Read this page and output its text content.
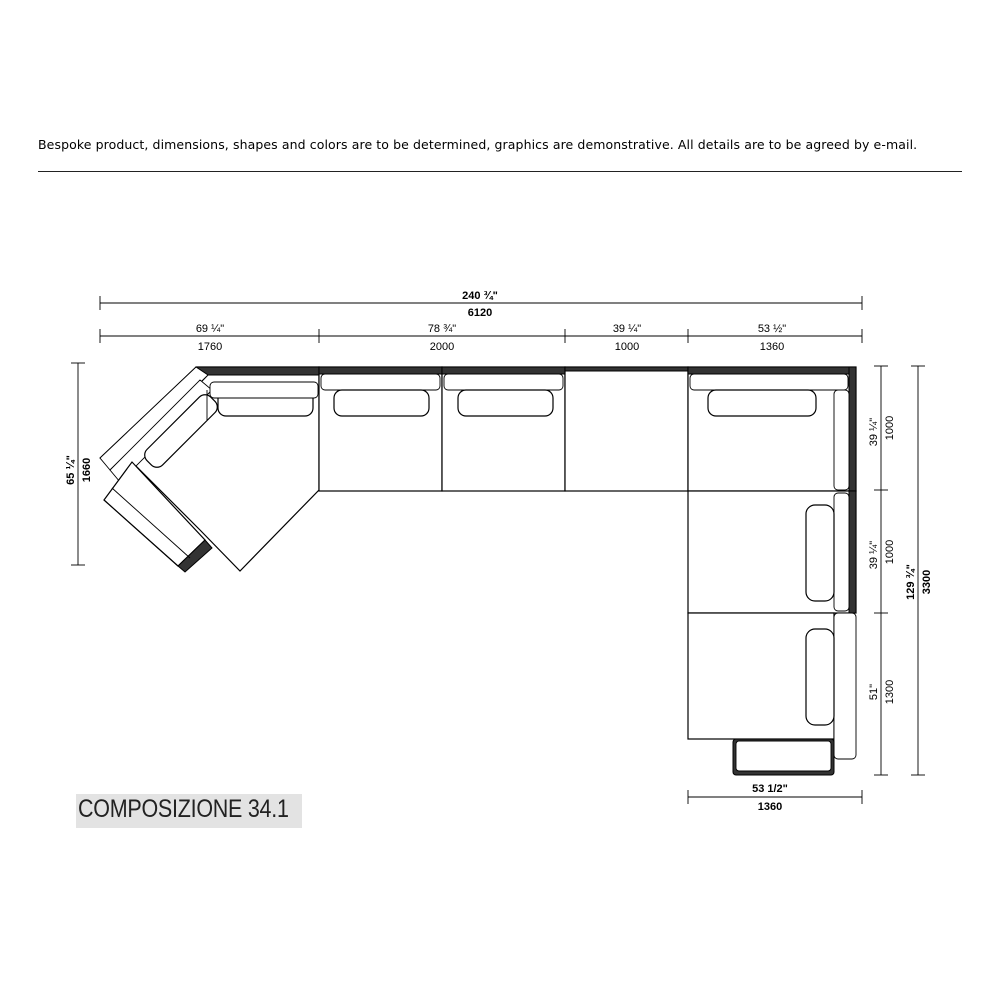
Bespoke product, dimensions, shapes and colors are to be determined, graphics are demonstrative. All details are to be agreed by e-mail.
240 ¾"
6120
69 ¼"
1760
78 ¾"
2000
39 ¼"
1000
53 ½"
1360
65 ¼" 1660
39 ¼" 1000
39 ¼" 1000
51" 1300
129 ¾" 3300
53 1/2"
1360
COMPOSIZIONE 34.1
